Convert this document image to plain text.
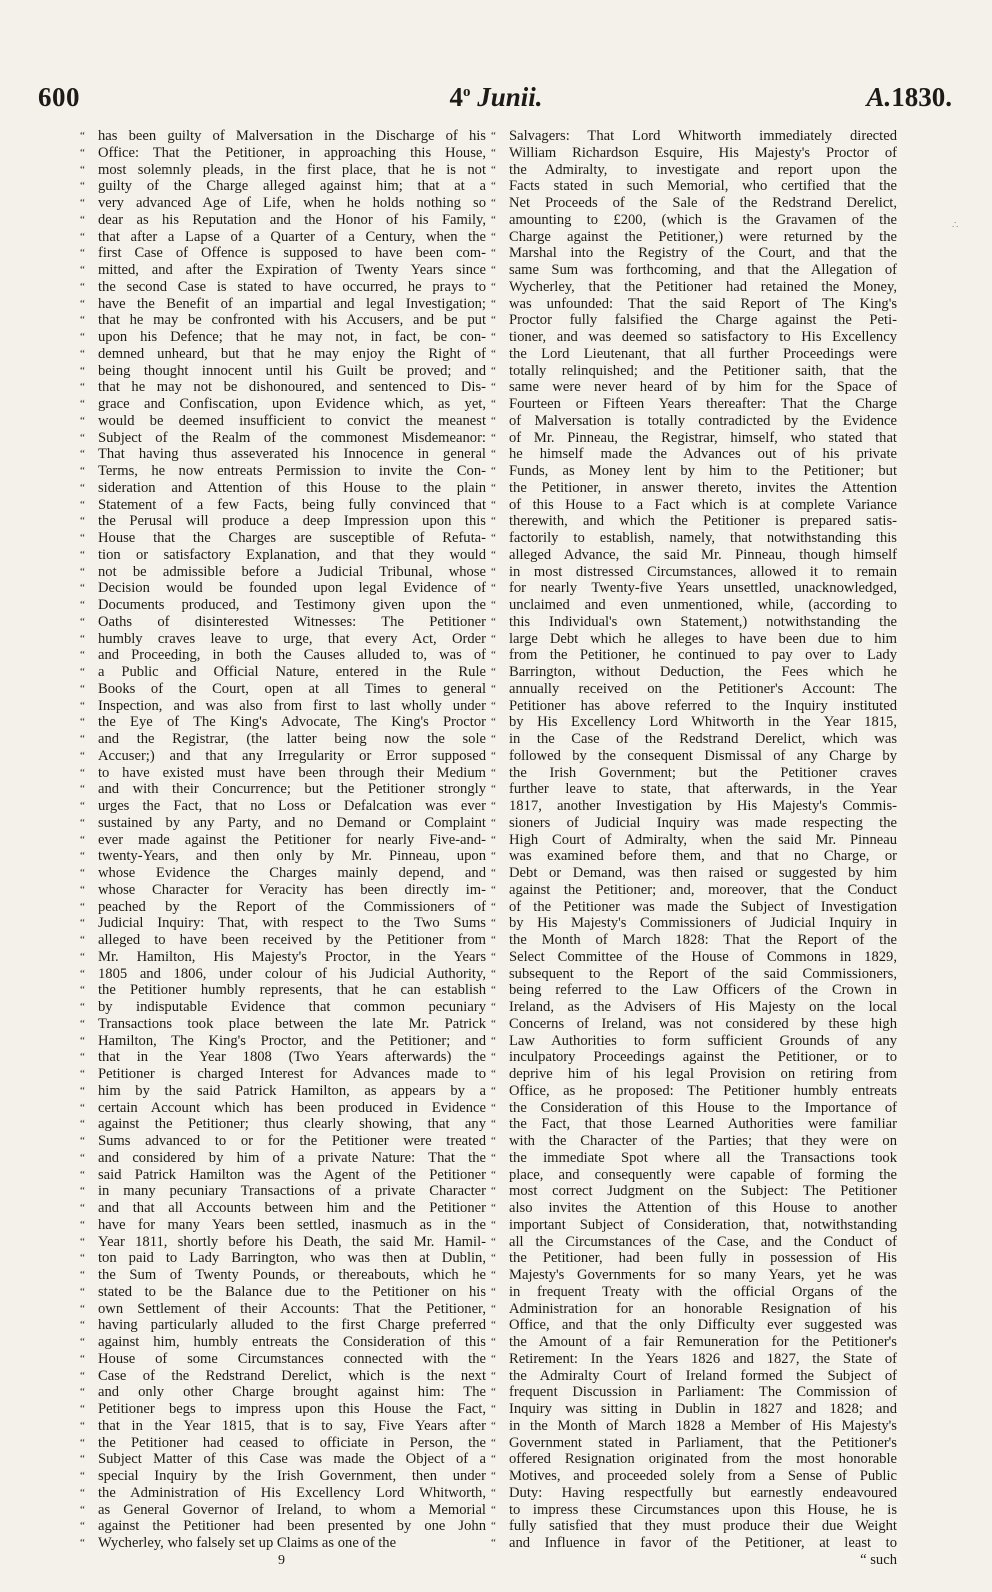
600	4$^o$ Junii.	A.1830.
“ has been guilty of Malversation in the Discharge of his
“ Office: That the Petitioner, in approaching this House,
“ most solemnly pleads, in the first place, that he is not
“ guilty of the Charge alleged against him; that at a
“ very advanced Age of Life, when he holds nothing so
“ dear as his Reputation and the Honor of his Family,
“ that after a Lapse of a Quarter of a Century, when the
“ first Case of Offence is supposed to have been com-
“ mitted, and after the Expiration of Twenty Years since
“ the second Case is stated to have occurred, he prays to
“ have the Benefit of an impartial and legal Investigation;
“ that he may be confronted with his Accusers, and be put
“ upon his Defence; that he may not, in fact, be con-
“ demned unheard, but that he may enjoy the Right of
“ being thought innocent until his Guilt be proved; and
“ that he may not be dishonoured, and sentenced to Dis-
“ grace and Confiscation, upon Evidence which, as yet,
“ would be deemed insufficient to convict the meanest
“ Subject of the Realm of the commonest Misdemeanor:
“ That having thus asseverated his Innocence in general
“ Terms, he now entreats Permission to invite the Con-
“ sideration and Attention of this House to the plain
“ Statement of a few Facts, being fully convinced that
“ the Perusal will produce a deep Impression upon this
“ House that the Charges are susceptible of Refuta-
“ tion or satisfactory Explanation, and that they would
“ not be admissible before a Judicial Tribunal, whose
“ Decision would be founded upon legal Evidence of
“ Documents produced, and Testimony given upon the
“ Oaths of disinterested Witnesses: The Petitioner
“ humbly craves leave to urge, that every Act, Order
“ and Proceeding, in both the Causes alluded to, was of
“ a Public and Official Nature, entered in the Rule
“ Books of the Court, open at all Times to general
“ Inspection, and was also from first to last wholly under
“ the Eye of The King's Advocate, The King's Proctor
“ and the Registrar, (the latter being now the sole
“ Accuser;) and that any Irregularity or Error supposed
“ to have existed must have been through their Medium
“ and with their Concurrence; but the Petitioner strongly
“ urges the Fact, that no Loss or Defalcation was ever
“ sustained by any Party, and no Demand or Complaint
“ ever made against the Petitioner for nearly Five-and-
“ twenty-Years, and then only by Mr. Pinneau, upon
“ whose Evidence the Charges mainly depend, and
“ whose Character for Veracity has been directly im-
“ peached by the Report of the Commissioners of
“ Judicial Inquiry: That, with respect to the Two Sums
“ alleged to have been received by the Petitioner from
“ Mr. Hamilton, His Majesty's Proctor, in the Years
“ 1805 and 1806, under colour of his Judicial Authority,
“ the Petitioner humbly represents, that he can establish
“ by indisputable Evidence that common pecuniary
“ Transactions took place between the late Mr. Patrick
“ Hamilton, The King's Proctor, and the Petitioner; and
“ that in the Year 1808 (Two Years afterwards) the
“ Petitioner is charged Interest for Advances made to
“ him by the said Patrick Hamilton, as appears by a
“ certain Account which has been produced in Evidence
“ against the Petitioner; thus clearly showing, that any
“ Sums advanced to or for the Petitioner were treated
“ and considered by him of a private Nature: That the
“ said Patrick Hamilton was the Agent of the Petitioner
“ in many pecuniary Transactions of a private Character
“ and that all Accounts between him and the Petitioner
“ have for many Years been settled, inasmuch as in the
“ Year 1811, shortly before his Death, the said Mr. Hamil-
“ ton paid to Lady Barrington, who was then at Dublin,
“ the Sum of Twenty Pounds, or thereabouts, which he
“ stated to be the Balance due to the Petitioner on his
“ own Settlement of their Accounts: That the Petitioner,
“ having particularly alluded to the first Charge preferred
“ against him, humbly entreats the Consideration of this
“ House of some Circumstances connected with the
“ Case of the Redstrand Derelict, which is the next
“ and only other Charge brought against him: The
“ Petitioner begs to impress upon this House the Fact,
“ that in the Year 1815, that is to say, Five Years after
“ the Petitioner had ceased to officiate in Person, the
“ Subject Matter of this Case was made the Object of a
“ special Inquiry by the Irish Government, then under
“ the Administration of His Excellency Lord Whitworth,
“ as General Governor of Ireland, to whom a Memorial
“ against the Petitioner had been presented by one John
“ Wycherley, who falsely set up Claims as one of the
“ Salvagers: That Lord Whitworth immediately directed
“ William Richardson Esquire, His Majesty's Proctor of
“ the Admiralty, to investigate and report upon the
“ Facts stated in such Memorial, who certified that the
“ Net Proceeds of the Sale of the Redstrand Derelict,
“ amounting to £200, (which is the Gravamen of the
“ Charge against the Petitioner,) were returned by the
“ Marshal into the Registry of the Court, and that the
“ same Sum was forthcoming, and that the Allegation of
“ Wycherley, that the Petitioner had retained the Money,
“ was unfounded: That the said Report of The King's
“ Proctor fully falsified the Charge against the Peti-
“ tioner, and was deemed so satisfactory to His Excellency
“ the Lord Lieutenant, that all further Proceedings were
“ totally relinquished; and the Petitioner saith, that the
“ same were never heard of by him for the Space of
“ Fourteen or Fifteen Years thereafter: That the Charge
“ of Malversation is totally contradicted by the Evidence
“ of Mr. Pinneau, the Registrar, himself, who stated that
“ he himself made the Advances out of his private
“ Funds, as Money lent by him to the Petitioner; but
“ the Petitioner, in answer thereto, invites the Attention
“ of this House to a Fact which is at complete Variance
“ therewith, and which the Petitioner is prepared satis-
“ factorily to establish, namely, that notwithstanding this
“ alleged Advance, the said Mr. Pinneau, though himself
“ in most distressed Circumstances, allowed it to remain
“ for nearly Twenty-five Years unsettled, unacknowledged,
“ unclaimed and even unmentioned, while, (according to
“ this Individual's own Statement,) notwithstanding the
“ large Debt which he alleges to have been due to him
“ from the Petitioner, he continued to pay over to Lady
“ Barrington, without Deduction, the Fees which he
“ annually received on the Petitioner's Account: The
“ Petitioner has above referred to the Inquiry instituted
“ by His Excellency Lord Whitworth in the Year 1815,
“ in the Case of the Redstrand Derelict, which was
“ followed by the consequent Dismissal of any Charge by
“ the Irish Government; but the Petitioner craves
“ further leave to state, that afterwards, in the Year
“ 1817, another Investigation by His Majesty's Commis-
“ sioners of Judicial Inquiry was made respecting the
“ High Court of Admiralty, when the said Mr. Pinneau
“ was examined before them, and that no Charge, or
“ Debt or Demand, was then raised or suggested by him
“ against the Petitioner; and, moreover, that the Conduct
“ of the Petitioner was made the Subject of Investigation
“ by His Majesty's Commissioners of Judicial Inquiry in
“ the Month of March 1828: That the Report of the
“ Select Committee of the House of Commons in 1829,
“ subsequent to the Report of the said Commissioners,
“ being referred to the Law Officers of the Crown in
“ Ireland, as the Advisers of His Majesty on the local
“ Concerns of Ireland, was not considered by these high
“ Law Authorities to form sufficient Grounds of any
“ inculpatory Proceedings against the Petitioner, or to
“ deprive him of his legal Provision on retiring from
“ Office, as he proposed: The Petitioner humbly entreats
“ the Consideration of this House to the Importance of
“ the Fact, that those Learned Authorities were familiar
“ with the Character of the Parties; that they were on
“ the immediate Spot where all the Transactions took
“ place, and consequently were capable of forming the
“ most correct Judgment on the Subject: The Petitioner
“ also invites the Attention of this House to another
“ important Subject of Consideration, that, notwithstanding
“ all the Circumstances of the Case, and the Conduct of
“ the Petitioner, had been fully in possession of His
“ Majesty's Governments for so many Years, yet he was
“ in frequent Treaty with the official Organs of the
“ Administration for an honorable Resignation of his
“ Office, and that the only Difficulty ever suggested was
“ the Amount of a fair Remuneration for the Petitioner's
“ Retirement: In the Years 1826 and 1827, the State of
“ the Admiralty Court of Ireland formed the Subject of
“ frequent Discussion in Parliament: The Commission of
“ Inquiry was sitting in Dublin in 1827 and 1828; and
“ in the Month of March 1828 a Member of His Majesty's
“ Government stated in Parliament, that the Petitioner's
“ offered Resignation originated from the most honorable
“ Motives, and proceeded solely from a Sense of Public
“ Duty: Having respectfully but earnestly endeavoured
“ to impress these Circumstances upon this House, he is
“ fully satisfied that they must produce their due Weight
“ and Influence in favor of the Petitioner, at least to
“ such
9
∴
